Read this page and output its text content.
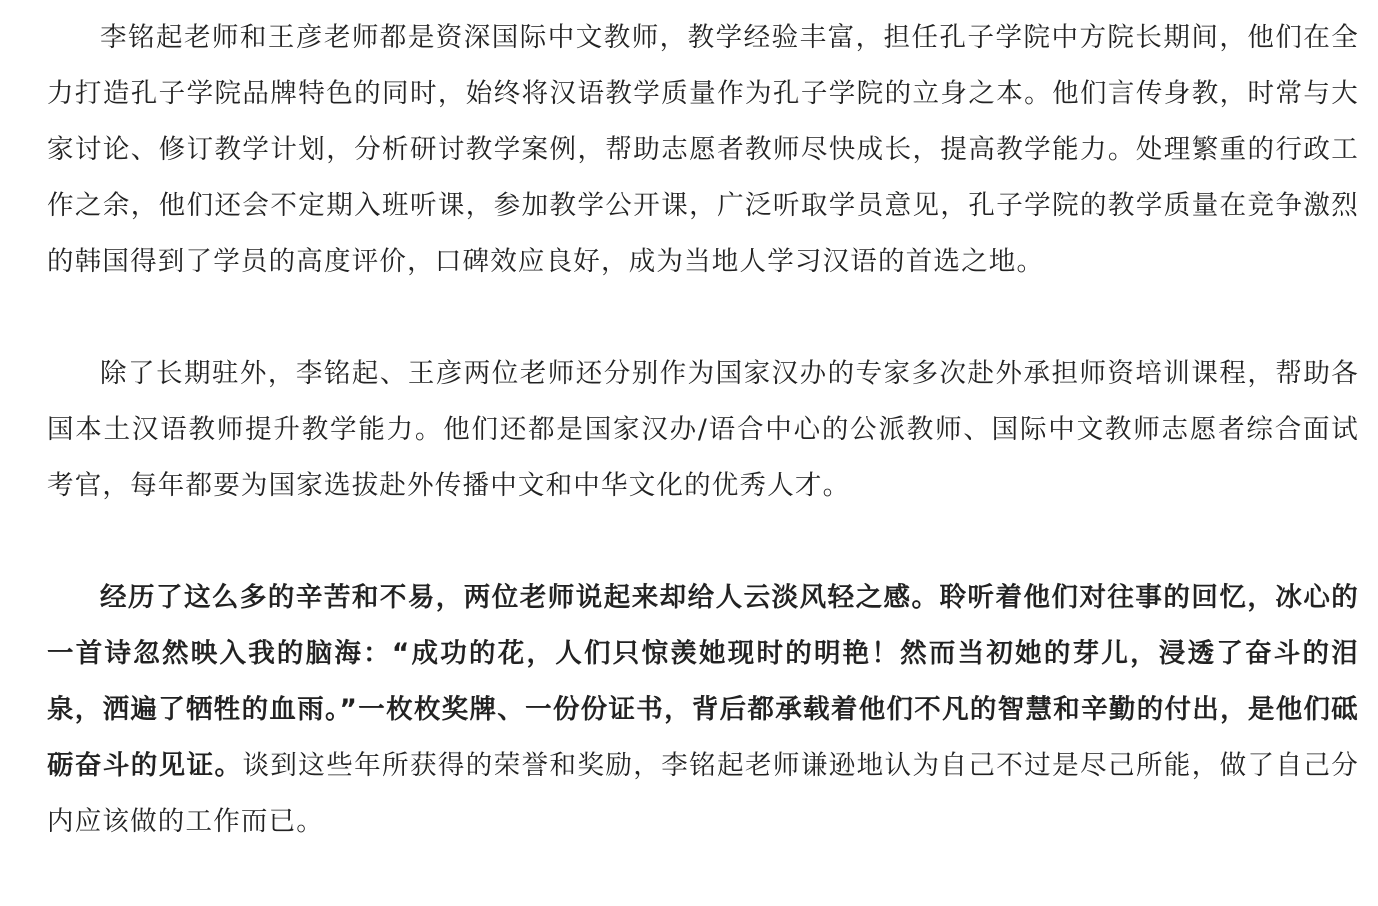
李铭起老师和王彦老师都是资深国际中文教师，教学经验丰富，担任孔子学院中方院长期间，他们在全力打造孔子学院品牌特色的同时，始终将汉语教学质量作为孔子学院的立身之本。他们言传身教，时常与大家讨论、修订教学计划，分析研讨教学案例，帮助志愿者教师尽快成长，提高教学能力。处理繁重的行政工作之余，他们还会不定期入班听课，参加教学公开课，广泛听取学员意见，孔子学院的教学质量在竞争激烈的韩国得到了学员的高度评价，口碑效应良好，成为当地人学习汉语的首选之地。

除了长期驻外，李铭起、王彦两位老师还分别作为国家汉办的专家多次赴外承担师资培训课程，帮助各国本土汉语教师提升教学能力。他们还都是国家汉办/语合中心的公派教师、国际中文教师志愿者综合面试考官，每年都要为国家选拔赴外传播中文和中华文化的优秀人才。

经历了这么多的辛苦和不易，两位老师说起来却给人云淡风轻之感。聆听着他们对往事的回忆，冰心的一首诗忽然映入我的脑海：“成功的花，人们只惊羡她现时的明艳！然而当初她的芽儿，浸透了奋斗的泪泉，洒遍了牺牲的血雨。”一枚枚奖牌、一份份证书，背后都承载着他们不凡的智慧和辛勤的付出，是他们砥砺奋斗的见证。谈到这些年所获得的荣誉和奖励，李铭起老师谦逊地认为自己不过是尽己所能，做了自己分内应该做的工作而已。
